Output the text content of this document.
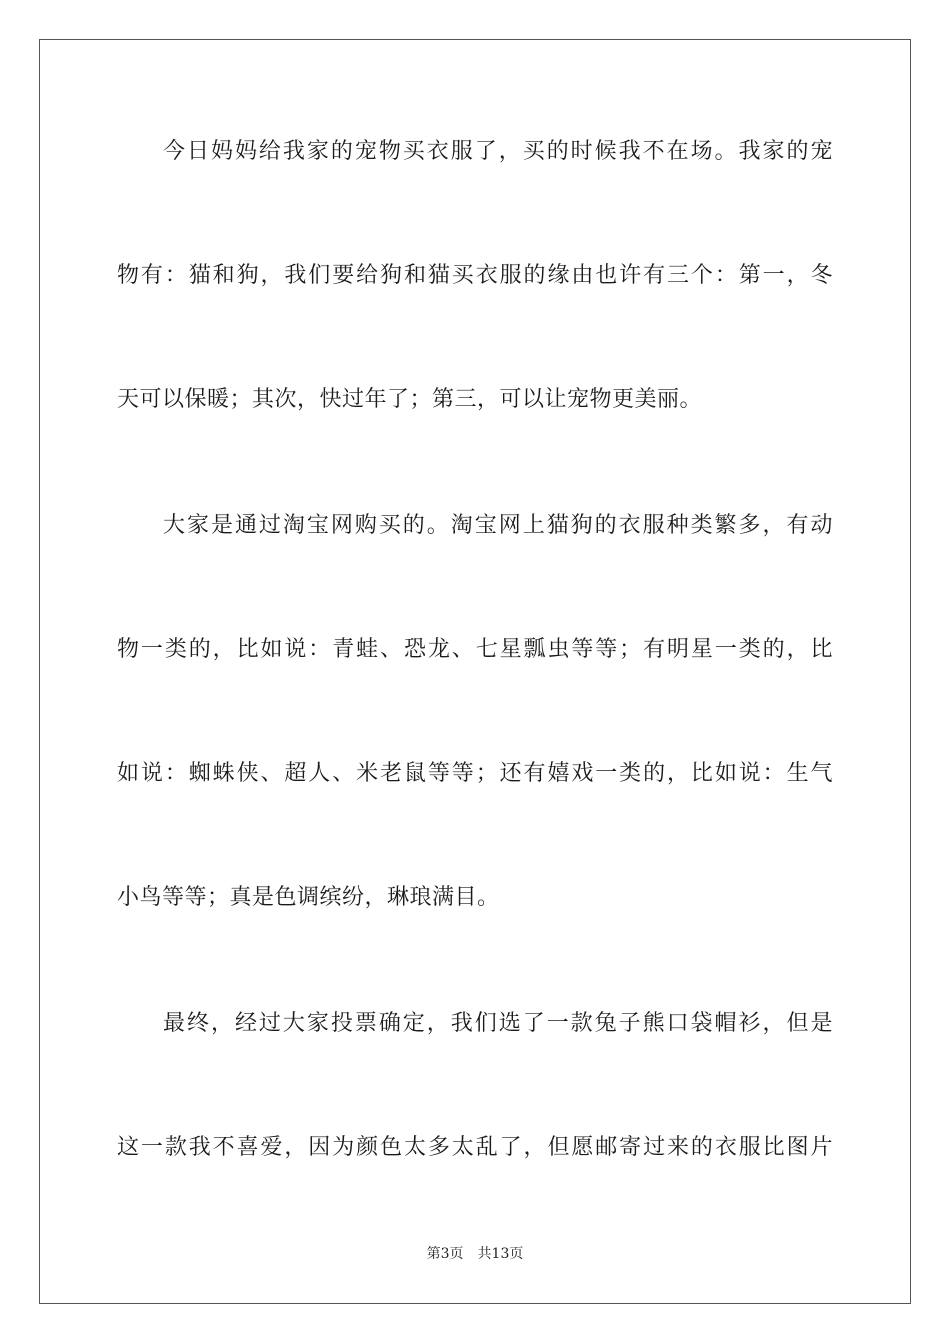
今日妈妈给我家的宠物买衣服了，买的时候我不在场。我家的宠
物有：猫和狗，我们要给狗和猫买衣服的缘由也许有三个：第一，冬
天可以保暖；其次，快过年了；第三，可以让宠物更美丽。
大家是通过淘宝网购买的。淘宝网上猫狗的衣服种类繁多，有动
物一类的，比如说：青蛙、恐龙、七星瓢虫等等；有明星一类的，比
如说：蜘蛛侠、超人、米老鼠等等；还有嬉戏一类的，比如说：生气
小鸟等等；真是色调缤纷，琳琅满目。
最终，经过大家投票确定，我们选了一款兔子熊口袋帽衫，但是
这一款我不喜爱，因为颜色太多太乱了，但愿邮寄过来的衣服比图片
第3页 共13页
